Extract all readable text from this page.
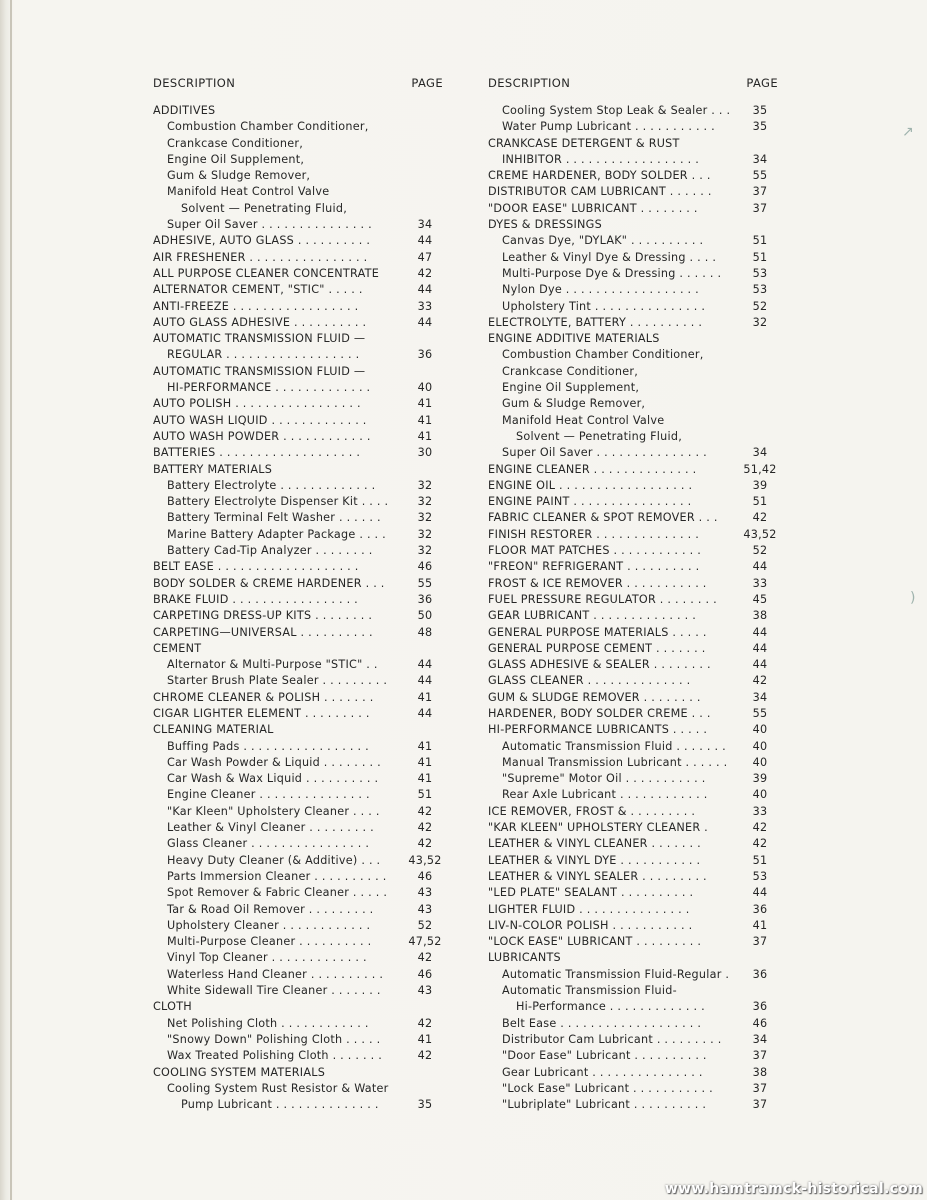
DESCRIPTION	PAGE
ADDITIVES
Combustion Chamber Conditioner,
Crankcase Conditioner,
Engine Oil Supplement,
Gum & Sludge Remover,
Manifold Heat Control Valve
Solvent — Penetrating Fluid,
Super Oil Saver . . . . . . . . . . . . . . .	34
ADHESIVE, AUTO GLASS . . . . . . . . . .	44
AIR FRESHENER . . . . . . . . . . . . . . . .	47
ALL PURPOSE CLEANER CONCENTRATE	42
ALTERNATOR CEMENT, "STIC" . . . . .	44
ANTI-FREEZE . . . . . . . . . . . . . . . . .	33
AUTO GLASS ADHESIVE . . . . . . . . . .	44
AUTOMATIC TRANSMISSION FLUID —
REGULAR . . . . . . . . . . . . . . . . . .	36
AUTOMATIC TRANSMISSION FLUID —
HI-PERFORMANCE . . . . . . . . . . . . .	40
AUTO POLISH . . . . . . . . . . . . . . . . .	41
AUTO WASH LIQUID . . . . . . . . . . . . .	41
AUTO WASH POWDER . . . . . . . . . . . .	41
BATTERIES . . . . . . . . . . . . . . . . . . .	30
BATTERY MATERIALS
Battery Electrolyte . . . . . . . . . . . . .	32
Battery Electrolyte Dispenser Kit . . . .	32
Battery Terminal Felt Washer . . . . . .	32
Marine Battery Adapter Package . . . .	32
Battery Cad-Tip Analyzer . . . . . . . .	32
BELT EASE . . . . . . . . . . . . . . . . . . .	46
BODY SOLDER & CREME HARDENER . . .	55
BRAKE FLUID . . . . . . . . . . . . . . . . .	36
CARPETING DRESS-UP KITS . . . . . . . .	50
CARPETING—UNIVERSAL . . . . . . . . . .	48
CEMENT
Alternator & Multi-Purpose "STIC" . .	44
Starter Brush Plate Sealer . . . . . . . . .	44
CHROME CLEANER & POLISH . . . . . . .	41
CIGAR LIGHTER ELEMENT . . . . . . . . .	44
CLEANING MATERIAL
Buffing Pads . . . . . . . . . . . . . . . . .	41
Car Wash Powder & Liquid . . . . . . . .	41
Car Wash & Wax Liquid . . . . . . . . . .	41
Engine Cleaner . . . . . . . . . . . . . . .	51
"Kar Kleen" Upholstery Cleaner . . . .	42
Leather & Vinyl Cleaner . . . . . . . . .	42
Glass Cleaner . . . . . . . . . . . . . . . .	42
Heavy Duty Cleaner (& Additive) . . . 43,52
Parts Immersion Cleaner . . . . . . . . . .	46
Spot Remover & Fabric Cleaner . . . . .	43
Tar & Road Oil Remover . . . . . . . . .	43
Upholstery Cleaner . . . . . . . . . . . .	52
Multi-Purpose Cleaner . . . . . . . . . .	47,52
Vinyl Top Cleaner . . . . . . . . . . . . .	42
Waterless Hand Cleaner . . . . . . . . . .	46
White Sidewall Tire Cleaner . . . . . . .	43
CLOTH
Net Polishing Cloth . . . . . . . . . . . .	42
"Snowy Down" Polishing Cloth . . . . .	41
Wax Treated Polishing Cloth . . . . . . .	42
COOLING SYSTEM MATERIALS
Cooling System Rust Resistor & Water
Pump Lubricant . . . . . . . . . . . . . .	35
DESCRIPTION	PAGE
Cooling System Stop Leak & Sealer . . .	35
Water Pump Lubricant . . . . . . . . . . .	35
CRANKCASE DETERGENT & RUST
INHIBITOR . . . . . . . . . . . . . . . . . .	34
CREME HARDENER, BODY SOLDER . . .	55
DISTRIBUTOR CAM LUBRICANT . . . . . .	37
"DOOR EASE" LUBRICANT . . . . . . . .	37
DYES & DRESSINGS
Canvas Dye, "DYLAK" . . . . . . . . . .	51
Leather & Vinyl Dye & Dressing . . . .	51
Multi-Purpose Dye & Dressing . . . . . .	53
Nylon Dye . . . . . . . . . . . . . . . . . .	53
Upholstery Tint . . . . . . . . . . . . . . .	52
ELECTROLYTE, BATTERY . . . . . . . . . .	32
ENGINE ADDITIVE MATERIALS
Combustion Chamber Conditioner,
Crankcase Conditioner,
Engine Oil Supplement,
Gum & Sludge Remover,
Manifold Heat Control Valve
Solvent — Penetrating Fluid,
Super Oil Saver . . . . . . . . . . . . . . .	34
ENGINE CLEANER . . . . . . . . . . . . . .	51,42
ENGINE OIL . . . . . . . . . . . . . . . . . .	39
ENGINE PAINT . . . . . . . . . . . . . . . .	51
FABRIC CLEANER & SPOT REMOVER . . .	42
FINISH RESTORER . . . . . . . . . . . . . .	43,52
FLOOR MAT PATCHES . . . . . . . . . . . .	52
"FREON" REFRIGERANT . . . . . . . . . .	44
FROST & ICE REMOVER . . . . . . . . . . .	33
FUEL PRESSURE REGULATOR . . . . . . . .	45
GEAR LUBRICANT . . . . . . . . . . . . . .	38
GENERAL PURPOSE MATERIALS . . . . .	44
GENERAL PURPOSE CEMENT . . . . . . .	44
GLASS ADHESIVE & SEALER . . . . . . . .	44
GLASS CLEANER . . . . . . . . . . . . . .	42
GUM & SLUDGE REMOVER . . . . . . . .	34
HARDENER, BODY SOLDER CREME . . .	55
HI-PERFORMANCE LUBRICANTS . . . . .	40
Automatic Transmission Fluid . . . . . . .	40
Manual Transmission Lubricant . . . . . .	40
"Supreme" Motor Oil . . . . . . . . . . .	39
Rear Axle Lubricant . . . . . . . . . . . .	40
ICE REMOVER, FROST & . . . . . . . . .	33
"KAR KLEEN" UPHOLSTERY CLEANER .	42
LEATHER & VINYL CLEANER . . . . . . .	42
LEATHER & VINYL DYE . . . . . . . . . . .	51
LEATHER & VINYL SEALER . . . . . . . . .	53
"LED PLATE" SEALANT . . . . . . . . . .	44
LIGHTER FLUID . . . . . . . . . . . . . . .	36
LIV-N-COLOR POLISH . . . . . . . . . . .	41
"LOCK EASE" LUBRICANT . . . . . . . . .	37
LUBRICANTS
Automatic Transmission Fluid-Regular .	36
Automatic Transmission Fluid-
Hi-Performance . . . . . . . . . . . . .	36
Belt Ease . . . . . . . . . . . . . . . . . . .	46
Distributor Cam Lubricant . . . . . . . . .	34
"Door Ease" Lubricant . . . . . . . . . .	37
Gear Lubricant . . . . . . . . . . . . . . .	38
"Lock Ease" Lubricant . . . . . . . . . . .	37
"Lubriplate" Lubricant . . . . . . . . . .	37
↗
)
www.hamtramck-historical.com
